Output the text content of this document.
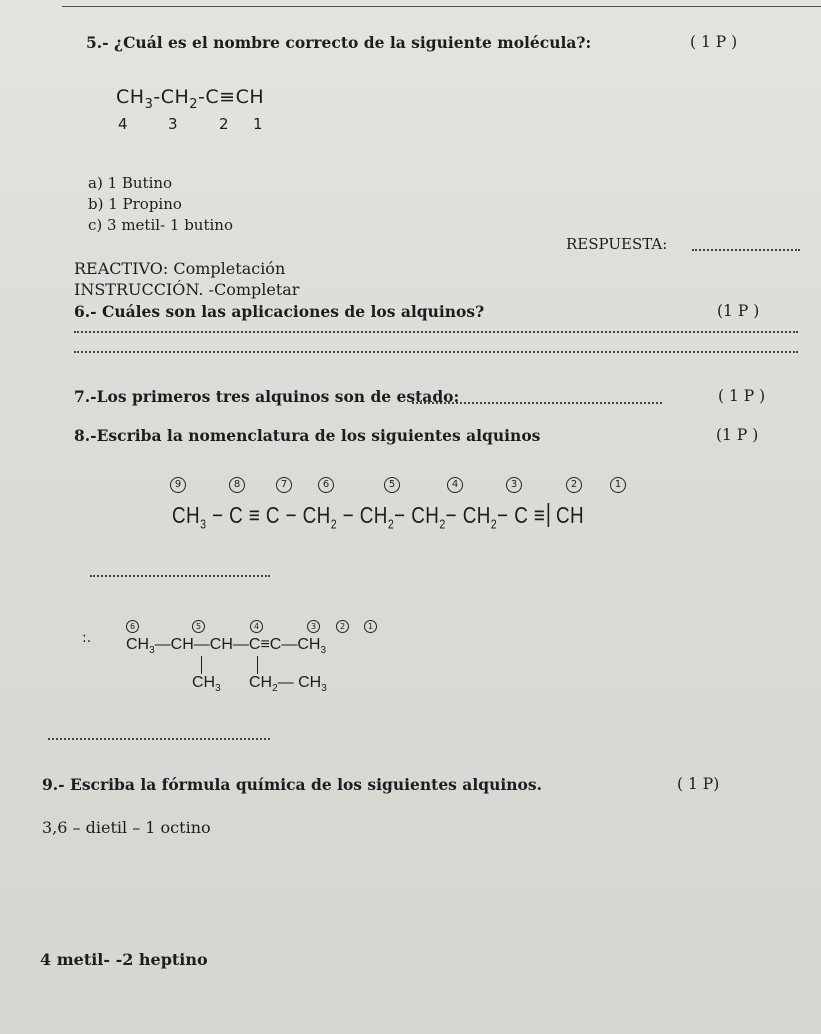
5.- ¿Cuál es el nombre correcto de la siguiente molécula?:	( 1 P )
$CH_3-CH_2-C\equiv CH$
4	3	2 1
a) 1 Butino
b) 1 Propino
c) 3 metil- 1 butino
RESPUESTA:
REACTIVO: Completación
INSTRUCCIÓN. -Completar
6.- Cuáles son las aplicaciones de los alquinos?	(1 P )
7.-Los primeros tres alquinos son de estado:	( 1 P )
8.-Escriba la nomenclatura de los siguientes alquinos	(1 P )
9	8	7	6	5	4	3	2	1
$CH_3 - C \equiv C - CH_2 - CH_2- CH_2- CH_2- C$ ≡ CH
:.
6	5	4	3	2	1
$CH_3—CH—CH—C\equiv C—CH_3$
$CH_3$ $CH_2—$ $CH_3$
9.- Escriba la fórmula química de los siguientes alquinos.	( 1 P)
3,6 – dietil – 1 octino
4 metil- -2 heptino
